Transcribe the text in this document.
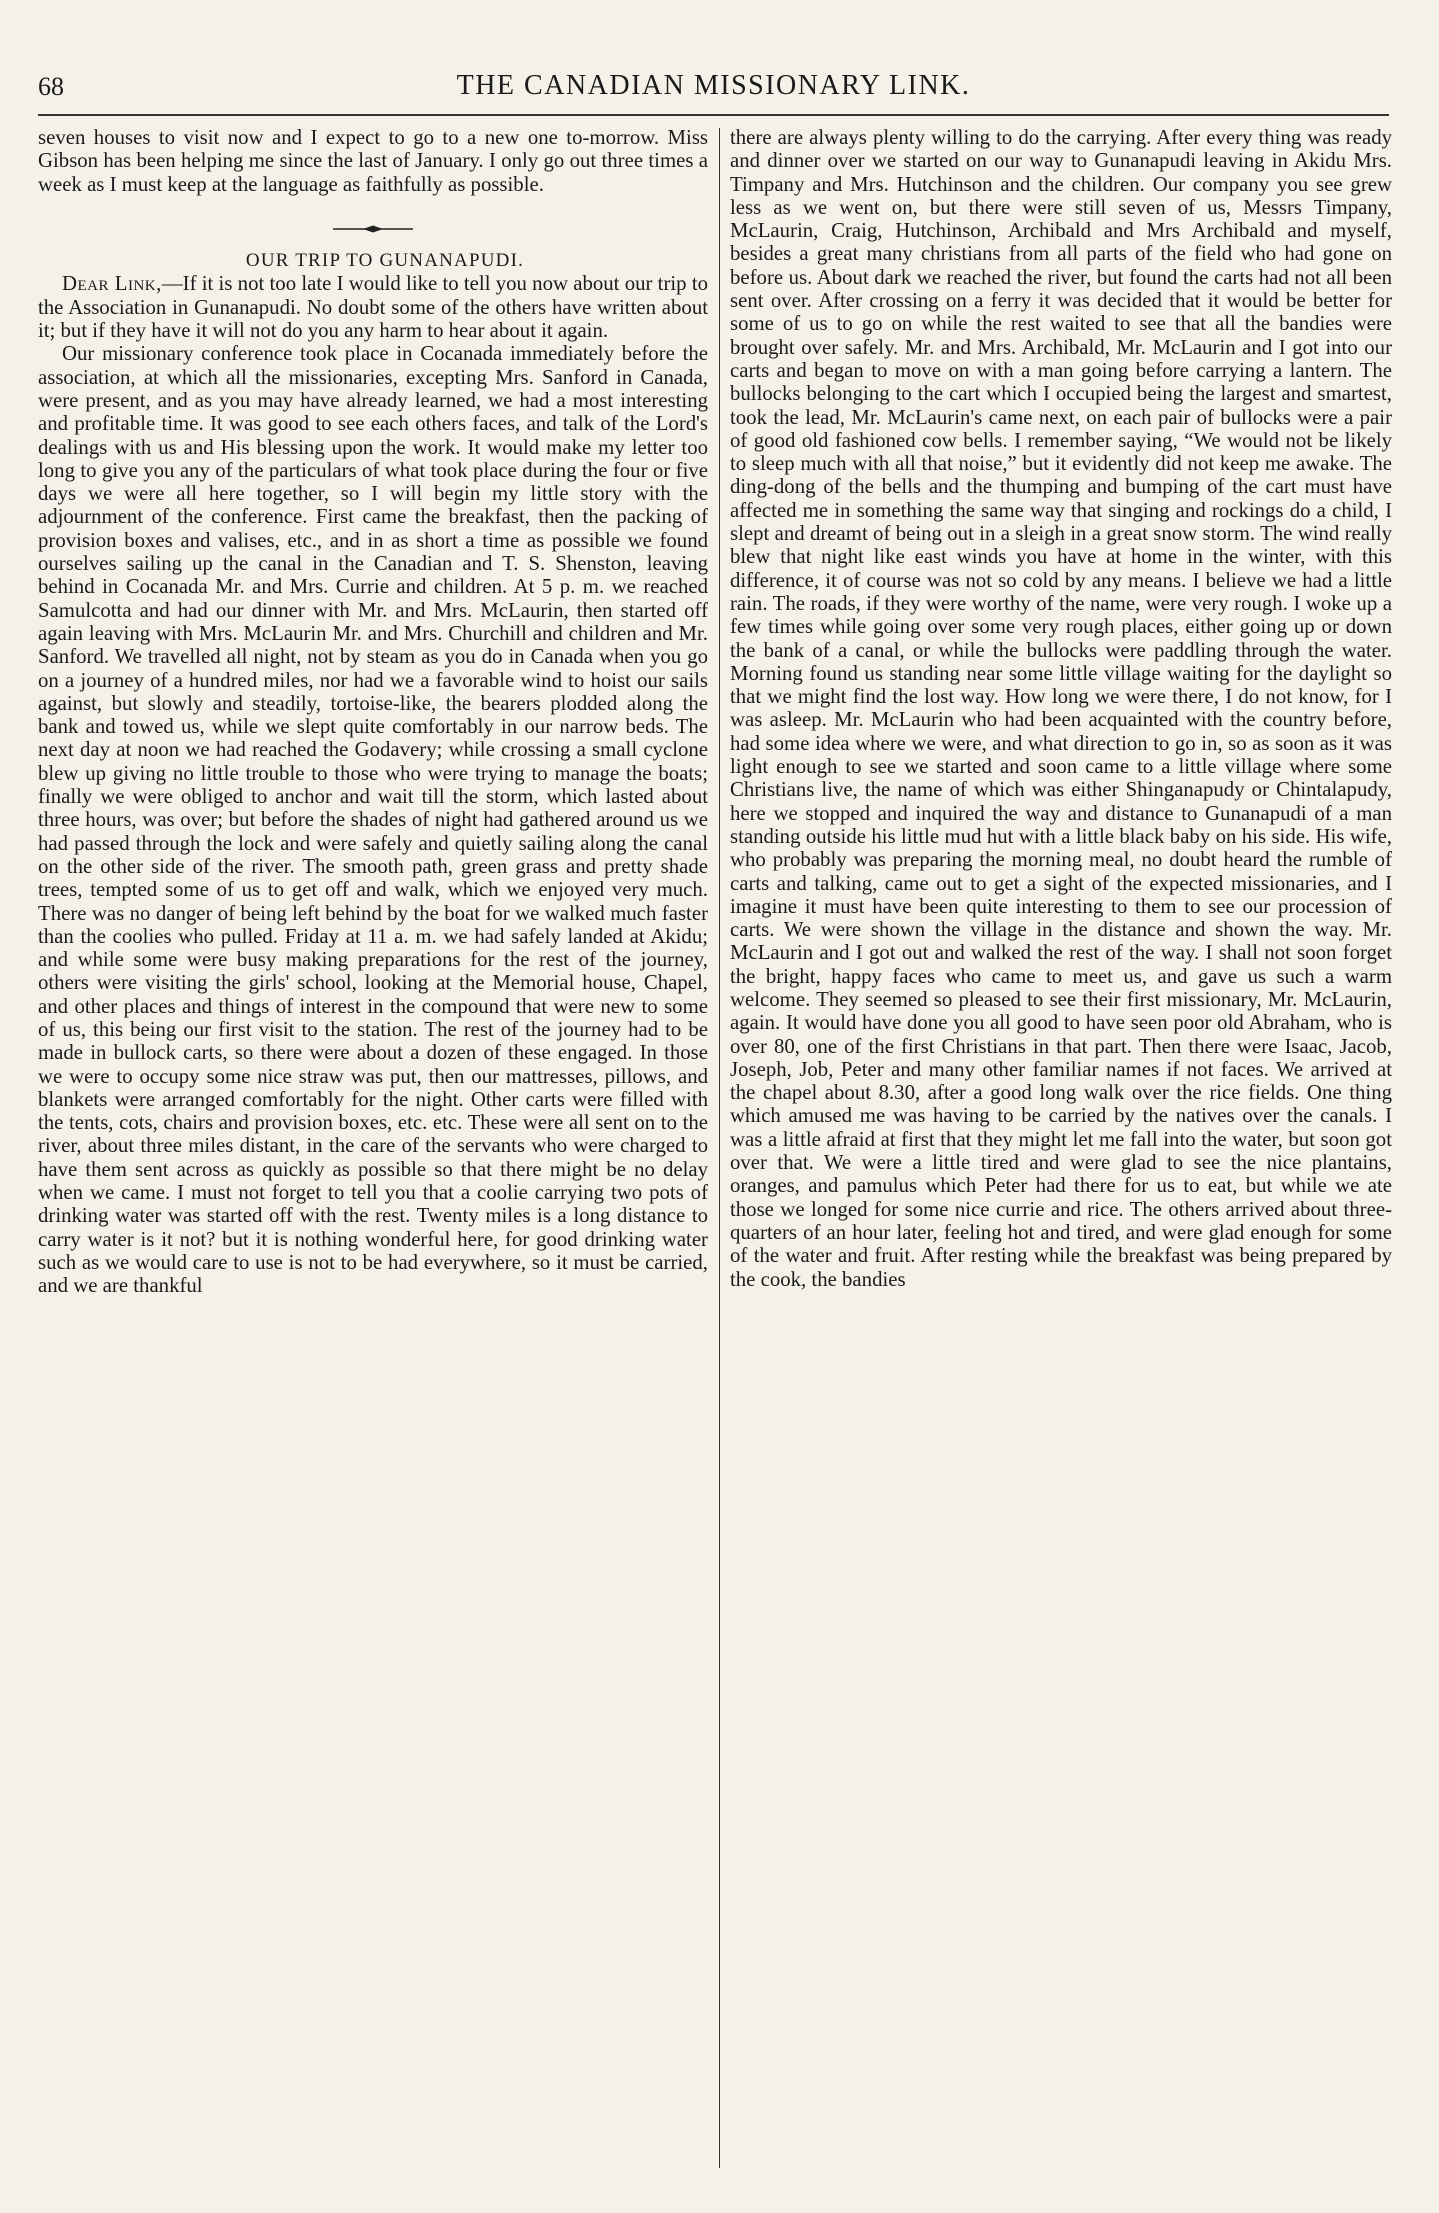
68	THE CANADIAN MISSIONARY LINK.

seven houses to visit now and I expect to go to a new one to-morrow. Miss Gibson has been helping me since the last of January. I only go out three times a week as I must keep at the language as faithfully as possible.

OUR TRIP TO GUNANAPUDI.

Dear Link,—If it is not too late I would like to tell you now about our trip to the Association in Gunanapudi. No doubt some of the others have written about it; but if they have it will not do you any harm to hear about it again.

Our missionary conference took place in Cocanada immediately before the association, at which all the missionaries, excepting Mrs. Sanford in Canada, were present, and as you may have already learned, we had a most interesting and profitable time. It was good to see each others faces, and talk of the Lord's dealings with us and His blessing upon the work. It would make my letter too long to give you any of the particulars of what took place during the four or five days we were all here together, so I will begin my little story with the adjournment of the conference. First came the breakfast, then the packing of provision boxes and valises, etc., and in as short a time as possible we found ourselves sailing up the canal in the Canadian and T. S. Shenston, leaving behind in Cocanada Mr. and Mrs. Currie and children. At 5 p. m. we reached Samulcotta and had our dinner with Mr. and Mrs. McLaurin, then started off again leaving with Mrs. McLaurin Mr. and Mrs. Churchill and children and Mr. Sanford. We travelled all night, not by steam as you do in Canada when you go on a journey of a hundred miles, nor had we a favorable wind to hoist our sails against, but slowly and steadily, tortoise-like, the bearers plodded along the bank and towed us, while we slept quite comfortably in our narrow beds. The next day at noon we had reached the Godavery; while crossing a small cyclone blew up giving no little trouble to those who were trying to manage the boats; finally we were obliged to anchor and wait till the storm, which lasted about three hours, was over; but before the shades of night had gathered around us we had passed through the lock and were safely and quietly sailing along the canal on the other side of the river. The smooth path, green grass and pretty shade trees, tempted some of us to get off and walk, which we enjoyed very much. There was no danger of being left behind by the boat for we walked much faster than the coolies who pulled. Friday at 11 a. m. we had safely landed at Akidu; and while some were busy making preparations for the rest of the journey, others were visiting the girls' school, looking at the Memorial house, Chapel, and other places and things of interest in the compound that were new to some of us, this being our first visit to the station. The rest of the journey had to be made in bullock carts, so there were about a dozen of these engaged. In those we were to occupy some nice straw was put, then our mattresses, pillows, and blankets were arranged comfortably for the night. Other carts were filled with the tents, cots, chairs and provision boxes, etc. etc. These were all sent on to the river, about three miles distant, in the care of the servants who were charged to have them sent across as quickly as possible so that there might be no delay when we came. I must not forget to tell you that a coolie carrying two pots of drinking water was started off with the rest. Twenty miles is a long distance to carry water is it not? but it is nothing wonderful here, for good drinking water such as we would care to use is not to be had everywhere, so it must be carried, and we are thankful

there are always plenty willing to do the carrying. After every thing was ready and dinner over we started on our way to Gunanapudi leaving in Akidu Mrs. Timpany and Mrs. Hutchinson and the children. Our company you see grew less as we went on, but there were still seven of us, Messrs Timpany, McLaurin, Craig, Hutchinson, Archibald and Mrs Archibald and myself, besides a great many christians from all parts of the field who had gone on before us. About dark we reached the river, but found the carts had not all been sent over. After crossing on a ferry it was decided that it would be better for some of us to go on while the rest waited to see that all the bandies were brought over safely. Mr. and Mrs. Archibald, Mr. McLaurin and I got into our carts and began to move on with a man going before carrying a lantern. The bullocks belonging to the cart which I occupied being the largest and smartest, took the lead, Mr. McLaurin's came next, on each pair of bullocks were a pair of good old fashioned cow bells. I remember saying, “We would not be likely to sleep much with all that noise,” but it evidently did not keep me awake. The ding-dong of the bells and the thumping and bumping of the cart must have affected me in something the same way that singing and rockings do a child, I slept and dreamt of being out in a sleigh in a great snow storm. The wind really blew that night like east winds you have at home in the winter, with this difference, it of course was not so cold by any means. I believe we had a little rain. The roads, if they were worthy of the name, were very rough. I woke up a few times while going over some very rough places, either going up or down the bank of a canal, or while the bullocks were paddling through the water. Morning found us standing near some little village waiting for the daylight so that we might find the lost way. How long we were there, I do not know, for I was asleep. Mr. McLaurin who had been acquainted with the country before, had some idea where we were, and what direction to go in, so as soon as it was light enough to see we started and soon came to a little village where some Christians live, the name of which was either Shinganapudy or Chintalapudy, here we stopped and inquired the way and distance to Gunanapudi of a man standing outside his little mud hut with a little black baby on his side. His wife, who probably was preparing the morning meal, no doubt heard the rumble of carts and talking, came out to get a sight of the expected missionaries, and I imagine it must have been quite interesting to them to see our procession of carts. We were shown the village in the distance and shown the way. Mr. McLaurin and I got out and walked the rest of the way. I shall not soon forget the bright, happy faces who came to meet us, and gave us such a warm welcome. They seemed so pleased to see their first missionary, Mr. McLaurin, again. It would have done you all good to have seen poor old Abraham, who is over 80, one of the first Christians in that part. Then there were Isaac, Jacob, Joseph, Job, Peter and many other familiar names if not faces. We arrived at the chapel about 8.30, after a good long walk over the rice fields. One thing which amused me was having to be carried by the natives over the canals. I was a little afraid at first that they might let me fall into the water, but soon got over that. We were a little tired and were glad to see the nice plantains, oranges, and pamulus which Peter had there for us to eat, but while we ate those we longed for some nice currie and rice. The others arrived about three-quarters of an hour later, feeling hot and tired, and were glad enough for some of the water and fruit. After resting while the breakfast was being prepared by the cook, the bandies
